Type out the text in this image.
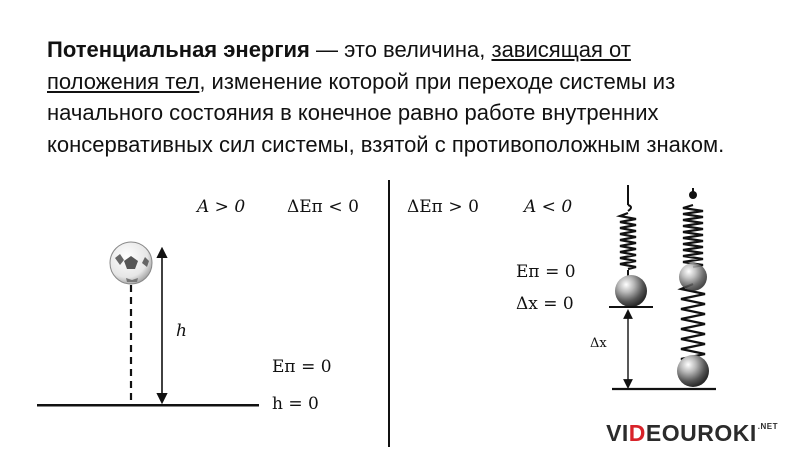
Потенциальная энергия — это величина, зависящая от положения тел, изменение которой при переходе системы из начального состояния в конечное равно работе внутренних консервативных сил системы, взятой с противоположным знаком.
A > 0 ΔEп < 0
h
Eп = 0
h = 0
ΔEп > 0	A < 0
Eп = 0
Δx = 0
Δx
$VIDEOUROKI^{.NET}$
